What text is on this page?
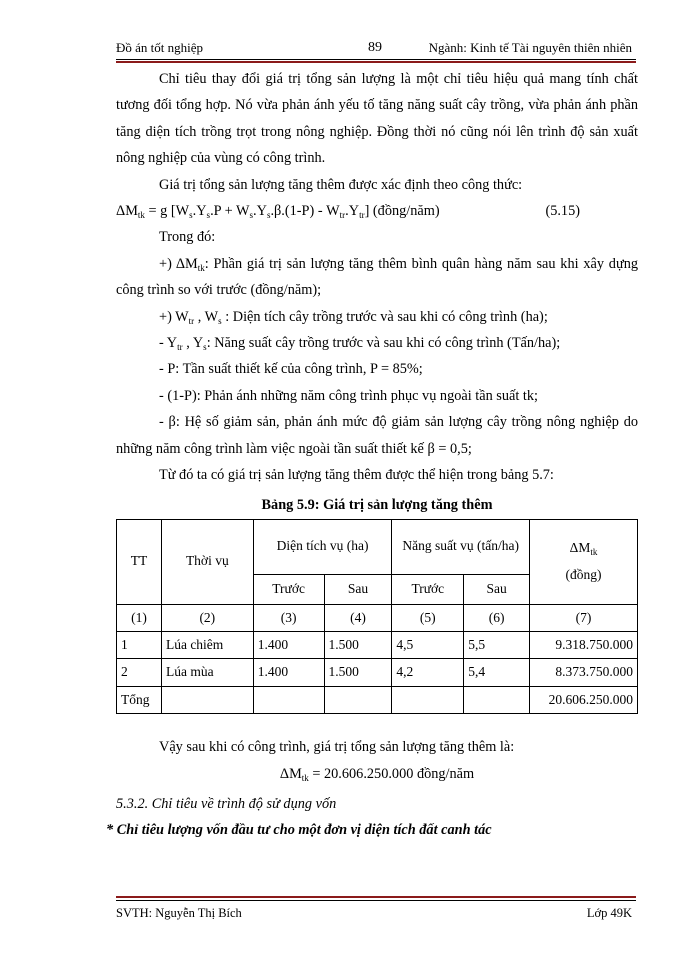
Đồ án tốt nghiệp	89	Ngành: Kinh tế Tài nguyên thiên nhiên

Chỉ tiêu thay đổi giá trị tổng sản lượng là một chỉ tiêu hiệu quả mang tính chất tương đối tổng hợp. Nó vừa phản ánh yếu tố tăng năng suất cây trồng, vừa phản ánh phần tăng diện tích trồng trọt trong nông nghiệp. Đồng thời nó cũng nói lên trình độ sản xuất nông nghiệp của vùng có công trình.

Giá trị tổng sản lượng tăng thêm được xác định theo công thức:

$\Delta M_{tk} = g$ $[W_s.Y_s.P + W_s.Y_s.\beta.(1-P) - W_{tr}.Y_{tr}]$ (đồng/năm)	(5.15)

Trong đó:

+) $\Delta M_{tk}$: Phần giá trị sản lượng tăng thêm bình quân hàng năm sau khi xây dựng công trình so với trước (đồng/năm);

+) $W_{tr}$ , $W_s$ : Diện tích cây trồng trước và sau khi có công trình (ha);

- $Y_{tr}$ , $Y_s$: Năng suất cây trồng trước và sau khi có công trình (Tấn/ha);

- P: Tần suất thiết kế của công trình, P = 85%;

- (1-P): Phản ánh những năm công trình phục vụ ngoài tần suất tk;

- β: Hệ số giảm sản, phản ánh mức độ giảm sản lượng cây trồng nông nghiệp do những năm công trình làm việc ngoài tần suất thiết kế β = 0,5;

Từ đó ta có giá trị sản lượng tăng thêm được thể hiện trong bảng 5.7:

Bảng 5.9: Giá trị sản lượng tăng thêm
TT	Thời vụ	Diện tích vụ (ha)		Năng suất vụ (tấn/ha)		$\Delta M_{tk}$
(đồng)
		Trước	Sau	Trước	Sau	
(1)	(2)	(3)	(4)	(5)	(6)	(7)
1	Lúa chiêm	1.400	1.500	4,5	5,5	9.318.750.000
2	Lúa mùa	1.400	1.500	4,2	5,4	8.373.750.000
Tổng						20.606.250.000

Vậy sau khi có công trình, giá trị tổng sản lượng tăng thêm là:

$\Delta M_{tk} = 20.606.250.000$ đồng/năm

5.3.2. Chỉ tiêu về trình độ sử dụng vốn

* Chỉ tiêu lượng vốn đầu tư cho một đơn vị diện tích đất canh tác

SVTH: Nguyễn Thị Bích	Lớp 49K
